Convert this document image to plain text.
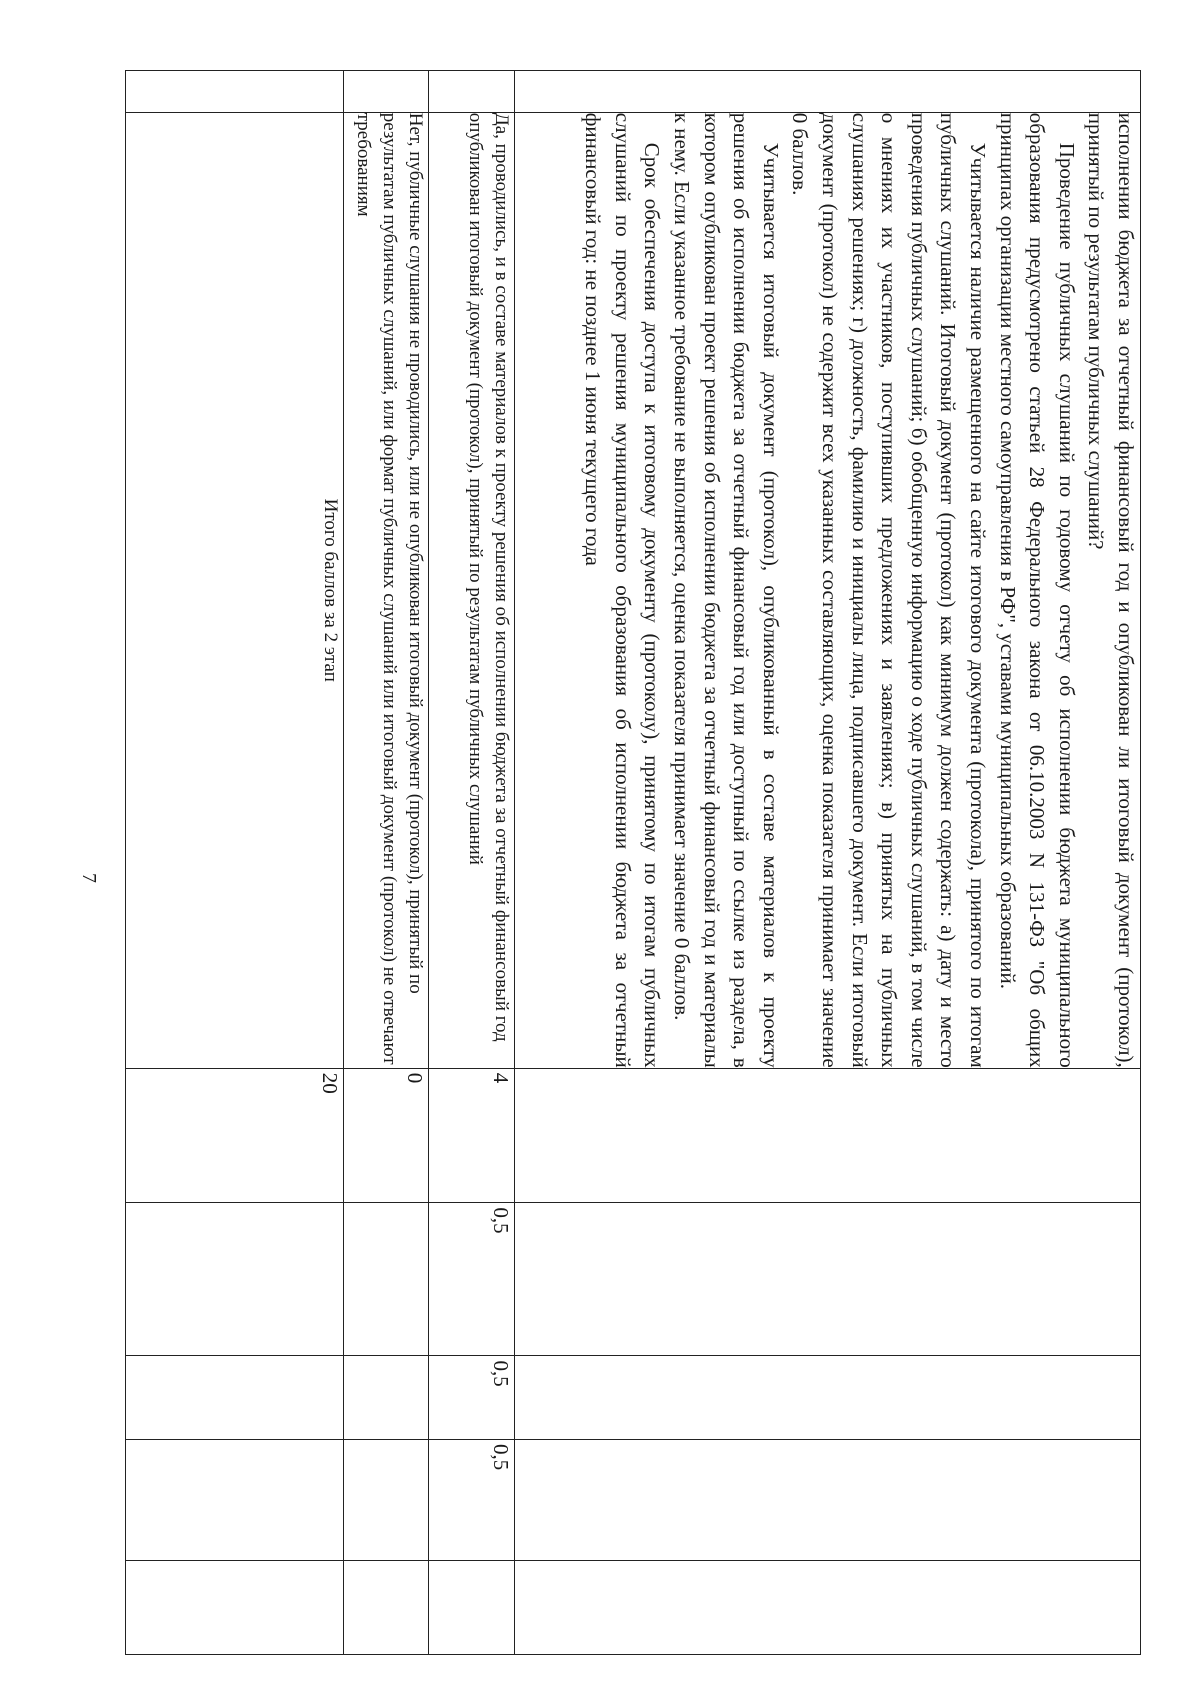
7

	исполнении бюджета за отчетный финансовый год и опубликован ли итоговый документ (протокол), принятый по результатам публичных слушаний?
Проведение публичных слушаний по годовому отчету об исполнении бюджета муниципального образования предусмотрено статьей 28 Федерального закона от 06.10.2003 N 131-ФЗ "Об общих принципах организации местного самоуправления в РФ", уставами муниципальных образований.
Учитывается наличие размещенного на сайте итогового документа (протокола), принятого по итогам публичных слушаний. Итоговый документ (протокол) как минимум должен содержать: а) дату и место проведения публичных слушаний; б) обобщенную информацию о ходе публичных слушаний, в том числе о мнениях их участников, поступивших предложениях и заявлениях; в) принятых на публичных слушаниях решениях; г) должность, фамилию и инициалы лица, подписавшего документ. Если итоговый документ (протокол) не содержит всех указанных составляющих, оценка показателя принимает значение 0 баллов.
Учитывается итоговый документ (протокол), опубликованный в составе материалов к проекту решения об исполнении бюджета за отчетный финансовый год или доступный по ссылке из раздела, в котором опубликован проект решения об исполнении бюджета за отчетный финансовый год и материалы к нему. Если указанное требование не выполняется, оценка показателя принимает значение 0 баллов.
Срок обеспечения доступа к итоговому документу (протоколу), принятому по итогам публичных слушаний по проекту решения муниципального образования об исполнении бюджета за отчетный финансовый год: не позднее 1 июня текущего года					

	Да, проводились, и в составе материалов к проекту решения об исполнении бюджета за отчетный финансовый год опубликован итоговый документ (протокол), принятый по результатам публичных слушаний	4	0,5	0,5	0,5	

	Нет, публичные слушания не проводились, или не опубликован итоговый документ (протокол), принятый по результатам публичных слушаний, или формат публичных слушаний или итоговый документ (протокол) не отвечают требованиям	0				

	Итого баллов за 2 этап	20				
